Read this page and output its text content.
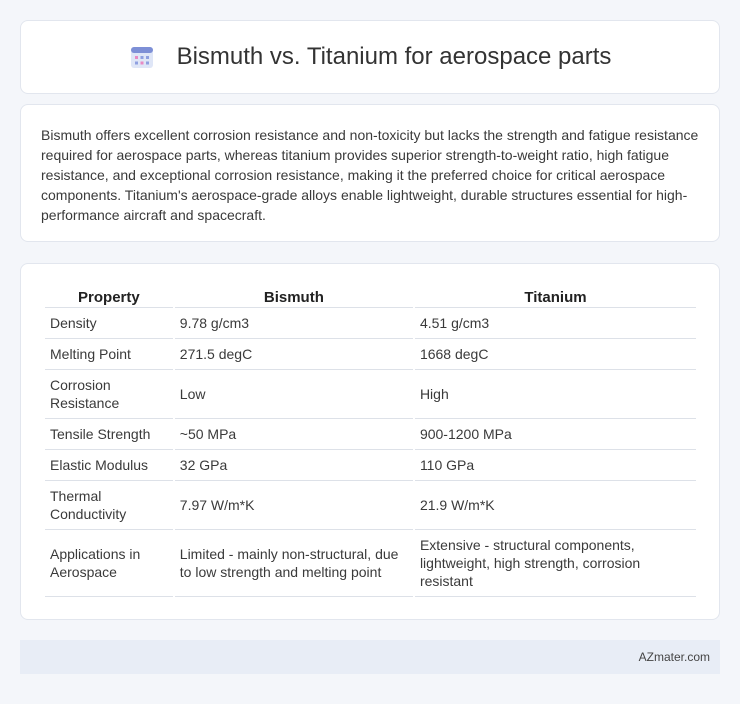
Bismuth vs. Titanium for aerospace parts

Bismuth offers excellent corrosion resistance and non-toxicity but lacks the strength and fatigue resistance required for aerospace parts, whereas titanium provides superior strength-to-weight ratio, high fatigue resistance, and exceptional corrosion resistance, making it the preferred choice for critical aerospace components. Titanium's aerospace-grade alloys enable lightweight, durable structures essential for high-performance aircraft and spacecraft.

Property	Bismuth	Titanium
Density	9.78 g/cm3	4.51 g/cm3
Melting Point	271.5 degC	1668 degC
Corrosion Resistance	Low	High
Tensile Strength	~50 MPa	900-1200 MPa
Elastic Modulus	32 GPa	110 GPa
Thermal Conductivity	7.97 W/m*K	21.9 W/m*K
Applications in Aerospace	Limited - mainly non-structural, due to low strength and melting point	Extensive - structural components, lightweight, high strength, corrosion resistant
AZmater.com
